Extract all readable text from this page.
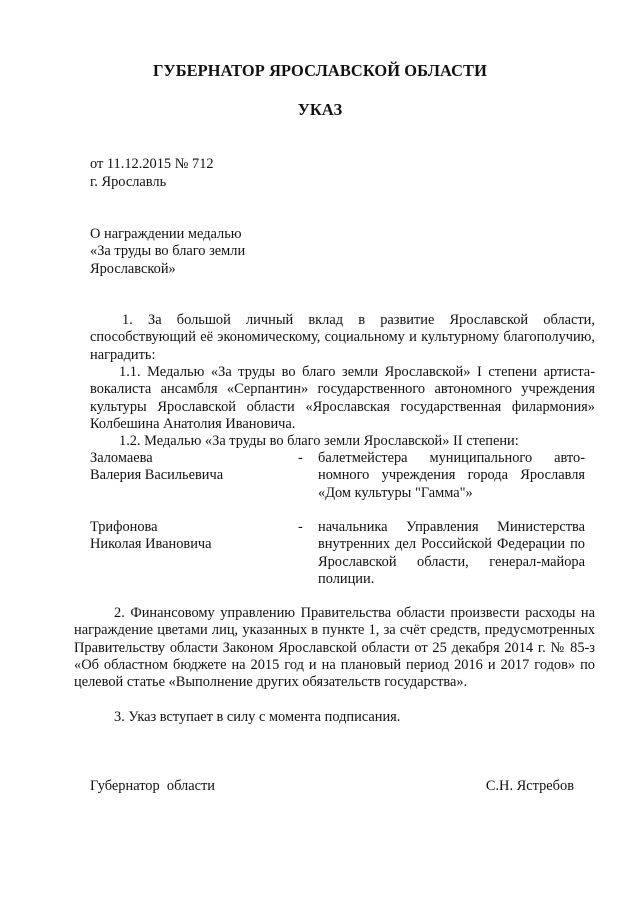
ГУБЕРНАТОР ЯРОСЛАВСКОЙ ОБЛАСТИ
УКАЗ
от 11.12.2015 № 712
г. Ярославль
О награждении медалью
«За труды во благо земли
Ярославской»
1. За большой личный вклад в развитие Ярославской области, способствующий её экономическому, социальному и культурному благополучию, наградить:
1.1. Медалью «За труды во благо земли Ярославской» I степени артиста-вокалиста ансамбля «Серпантин» государственного автономного учреждения культуры Ярославской области «Ярославская государственная филармония» Колбешина Анатолия Ивановича.
1.2. Медалью «За труды во благо земли Ярославской» II степени:
Заломаева
Валерия Васильевича
-	балетмейстера муниципального авто-номного учреждения города Ярославля «Дом культуры "Гамма"»
Трифонова
Николая Ивановича
-	начальника Управления Министерства внутренних дел Российской Федерации по Ярославской области, генерал-майора полиции.
2. Финансовому управлению Правительства области произвести расходы на награждение цветами лиц, указанных в пункте 1, за счёт средств, предусмотренных Правительству области Законом Ярославской области от 25 декабря 2014 г. № 85-з «Об областном бюджете на 2015 год и на плановый период 2016 и 2017 годов» по целевой статье «Выполнение других обязательств государства».
3. Указ вступает в силу с момента подписания.
Губернатор  области	С.Н. Ястребов
